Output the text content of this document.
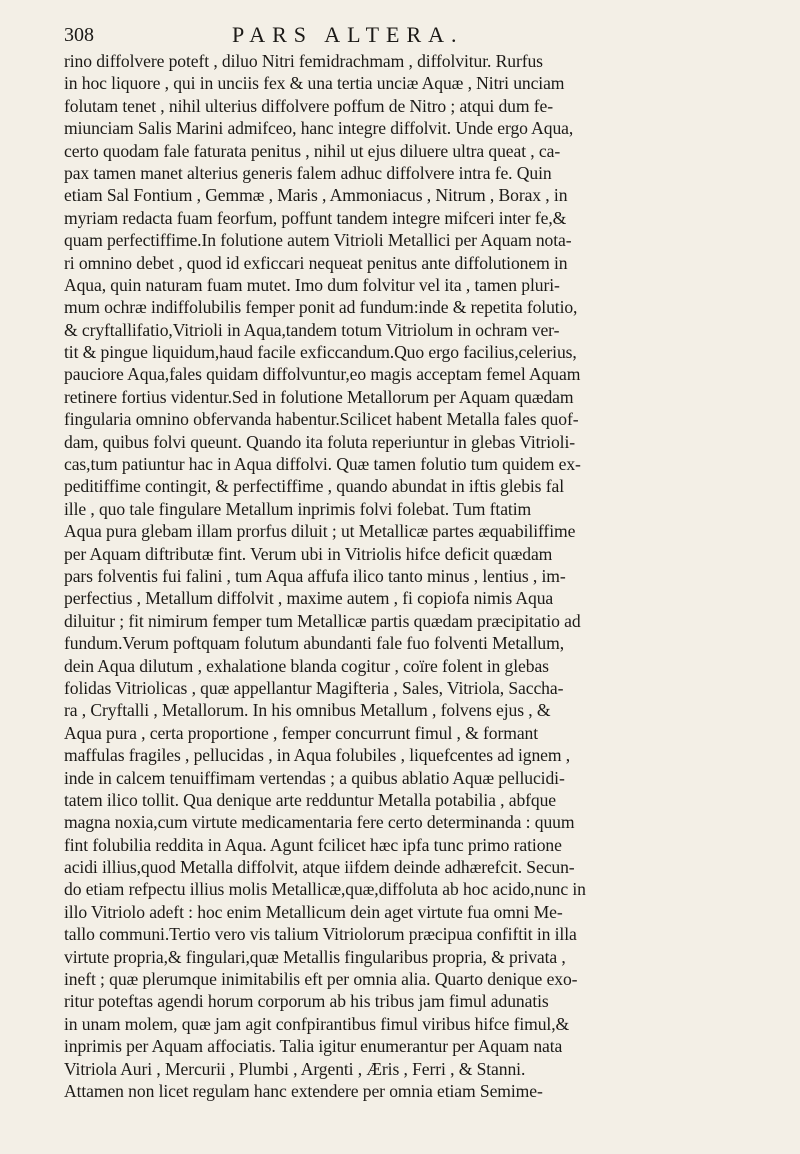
308	PARS ALTERA.
rino diffolvere poteft , diluo Nitri femidrachmam , diffolvitur. Rurfus
in hoc liquore , qui in unciis fex & una tertia unciæ Aquæ , Nitri unciam
folutam tenet , nihil ulterius diffolvere poffum de Nitro ; atqui dum fe-
miunciam Salis Marini admifceo, hanc integre diffolvit. Unde ergo Aqua,
certo quodam fale faturata penitus , nihil ut ejus diluere ultra queat , ca-
pax tamen manet alterius generis falem adhuc diffolvere intra fe. Quin
etiam Sal Fontium , Gemmæ , Maris , Ammoniacus , Nitrum , Borax , in
myriam redacta fuam feorfum, poffunt tandem integre mifceri inter fe,&
quam perfectiffime.In folutione autem Vitrioli Metallici per Aquam nota-
ri omnino debet , quod id exficcari nequeat penitus ante diffolutionem in
Aqua, quin naturam fuam mutet. Imo dum folvitur vel ita , tamen pluri-
mum ochræ indiffolubilis femper ponit ad fundum:inde & repetita folutio,
& cryftallifatio,Vitrioli in Aqua,tandem totum Vitriolum in ochram ver-
tit & pingue liquidum,haud facile exficcandum.Quo ergo facilius,celerius,
pauciore Aqua,fales quidam diffolvuntur,eo magis acceptam femel Aquam
retinere fortius videntur.Sed in folutione Metallorum per Aquam quædam
fingularia omnino obfervanda habentur.Scilicet habent Metalla fales quof-
dam, quibus folvi queunt. Quando ita foluta reperiuntur in glebas Vitrioli-
cas,tum patiuntur hac in Aqua diffolvi. Quæ tamen folutio tum quidem ex-
peditiffime contingit, & perfectiffime , quando abundat in iftis glebis fal
ille , quo tale fingulare Metallum inprimis folvi folebat. Tum ftatim
Aqua pura glebam illam prorfus diluit ; ut Metallicæ partes æquabiliffime
per Aquam diftributæ fint. Verum ubi in Vitriolis hifce deficit quædam
pars folventis fui falini , tum Aqua affufa ilico tanto minus , lentius , im-
perfectius , Metallum diffolvit , maxime autem , fi copiofa nimis Aqua
diluitur ; fit nimirum femper tum Metallicæ partis quædam præcipitatio ad
fundum.Verum poftquam folutum abundanti fale fuo folventi Metallum,
dein Aqua dilutum , exhalatione blanda cogitur , coïre folent in glebas
folidas Vitriolicas , quæ appellantur Magifteria , Sales, Vitriola, Saccha-
ra , Cryftalli , Metallorum. In his omnibus Metallum , folvens ejus , &
Aqua pura , certa proportione , femper concurrunt fimul , & formant
maffulas fragiles , pellucidas , in Aqua folubiles , liquefcentes ad ignem ,
inde in calcem tenuiffimam vertendas ; a quibus ablatio Aquæ pellucidi-
tatem ilico tollit. Qua denique arte redduntur Metalla potabilia , abfque
magna noxia,cum virtute medicamentaria fere certo determinanda : quum
fint folubilia reddita in Aqua. Agunt fcilicet hæc ipfa tunc primo ratione
acidi illius,quod Metalla diffolvit, atque iifdem deinde adhærefcit. Secun-
do etiam refpectu illius molis Metallicæ,quæ,diffoluta ab hoc acido,nunc in
illo Vitriolo adeft : hoc enim Metallicum dein aget virtute fua omni Me-
tallo communi.Tertio vero vis talium Vitriolorum præcipua confiftit in illa
virtute propria,& fingulari,quæ Metallis fingularibus propria, & privata ,
ineft ; quæ plerumque inimitabilis eft per omnia alia. Quarto denique exo-
ritur poteftas agendi horum corporum ab his tribus jam fimul adunatis
in unam molem, quæ jam agit confpirantibus fimul viribus hifce fimul,&
inprimis per Aquam affociatis. Talia igitur enumerantur per Aquam nata
Vitriola Auri , Mercurii , Plumbi , Argenti , Æris , Ferri , & Stanni.
Attamen non licet regulam hanc extendere per omnia etiam Semime-
